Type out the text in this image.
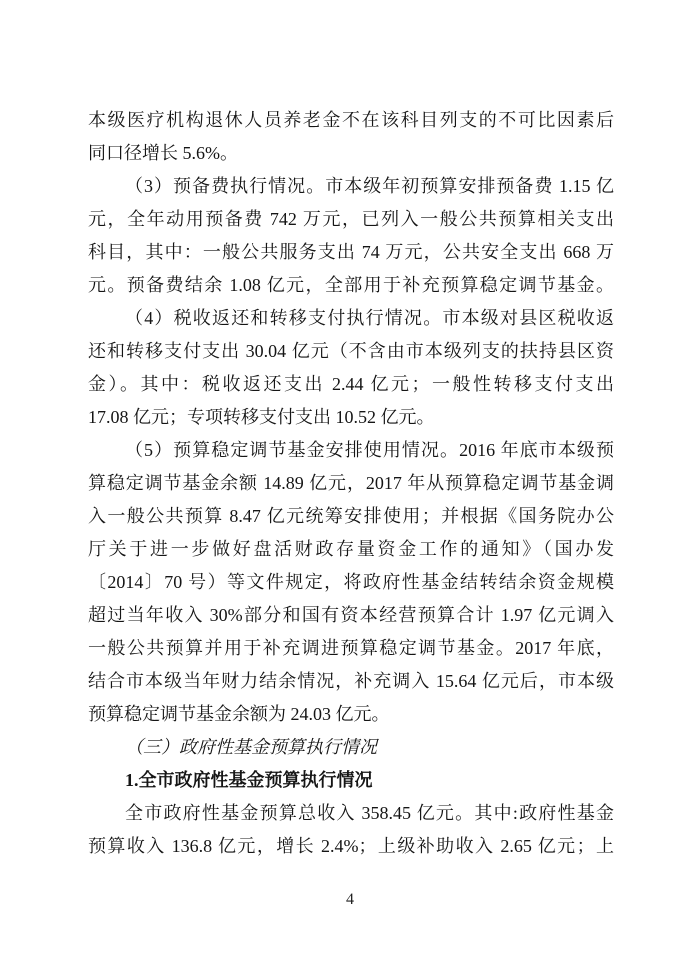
本级医疗机构退休人员养老金不在该科目列支的不可比因素后
同口径增长 5.6%。
（3）预备费执行情况。市本级年初预算安排预备费 1.15 亿
元，全年动用预备费 742 万元，已列入一般公共预算相关支出
科目，其中：一般公共服务支出 74 万元，公共安全支出 668 万
元。预备费结余 1.08 亿元，全部用于补充预算稳定调节基金。
（4）税收返还和转移支付执行情况。市本级对县区税收返
还和转移支付支出 30.04 亿元（不含由市本级列支的扶持县区资
金）。其中：税收返还支出 2.44 亿元；一般性转移支付支出
17.08 亿元；专项转移支付支出 10.52 亿元。
（5）预算稳定调节基金安排使用情况。2016 年底市本级预
算稳定调节基金余额 14.89 亿元，2017 年从预算稳定调节基金调
入一般公共预算 8.47 亿元统筹安排使用；并根据《国务院办公
厅关于进一步做好盘活财政存量资金工作的通知》（国办发
〔2014〕70 号）等文件规定，将政府性基金结转结余资金规模
超过当年收入 30%部分和国有资本经营预算合计 1.97 亿元调入
一般公共预算并用于补充调进预算稳定调节基金。2017 年底，
结合市本级当年财力结余情况，补充调入 15.64 亿元后，市本级
预算稳定调节基金余额为 24.03 亿元。
（三）政府性基金预算执行情况
1.全市政府性基金预算执行情况
全市政府性基金预算总收入 358.45 亿元。其中:政府性基金
预算收入 136.8 亿元，增长 2.4%；上级补助收入 2.65 亿元；上
4
